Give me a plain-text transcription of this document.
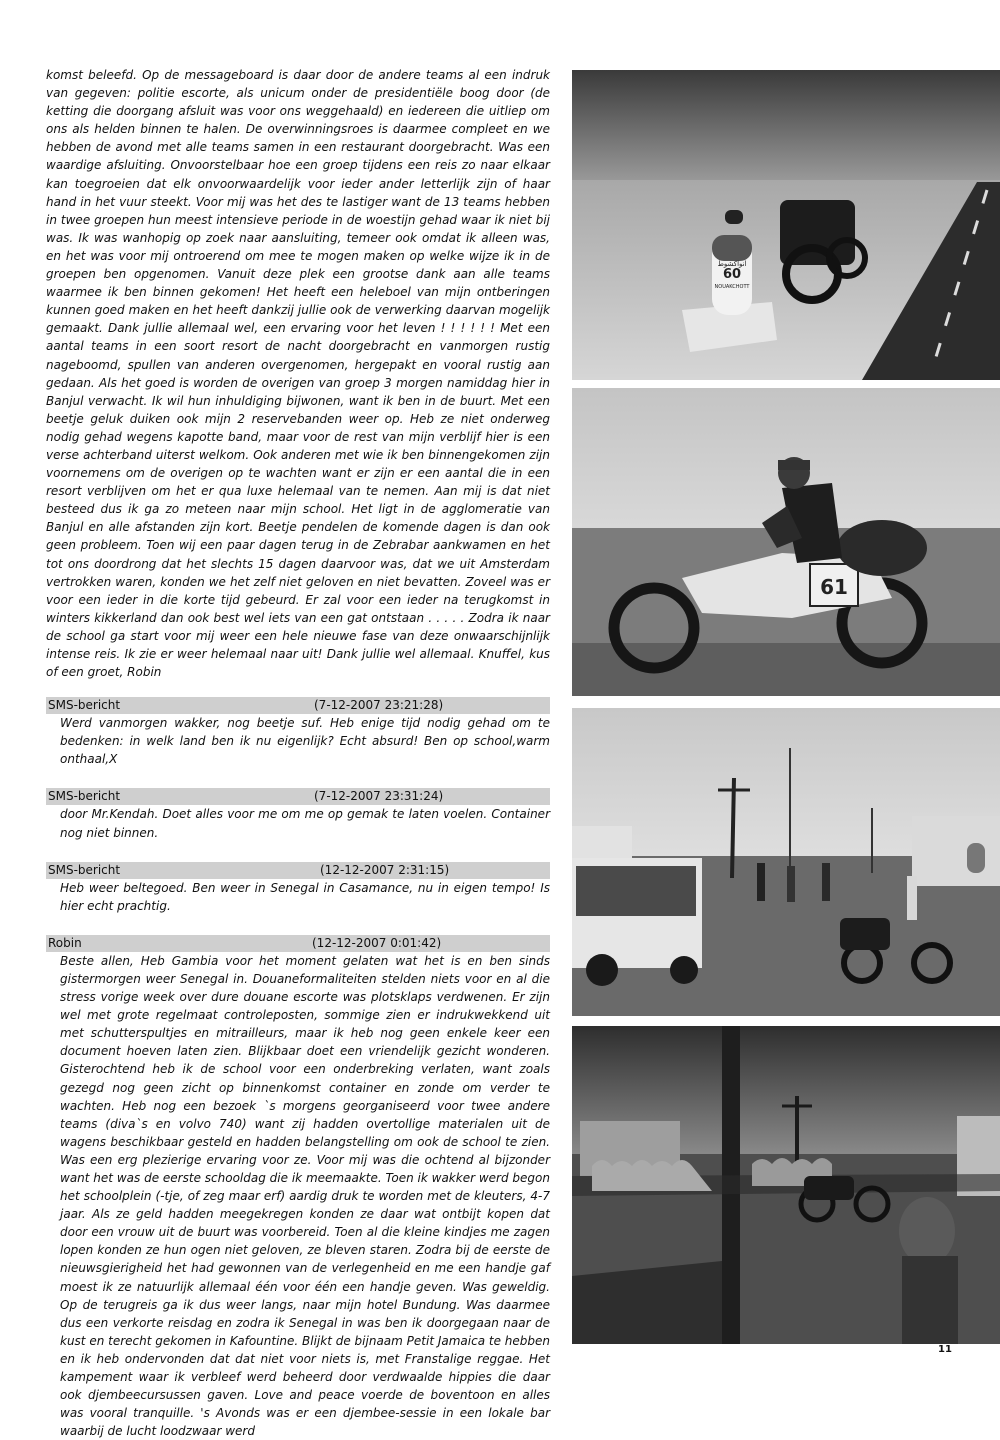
komst beleefd. Op de messageboard is daar door de andere teams al een indruk van gegeven: politie escorte, als unicum onder de presidentiële boog door (de ketting die doorgang afsluit was voor ons weggehaald) en iedereen die uitliep om ons als helden binnen te halen. De overwinningsroes is daarmee compleet en we hebben de avond met alle teams samen in een restaurant doorgebracht. Was een waardige afsluiting. Onvoorstelbaar hoe een groep tijdens een reis zo naar elkaar kan toegroeien dat elk onvoorwaardelijk voor ieder ander letterlijk zijn of haar hand in het vuur steekt. Voor mij was het des te lastiger want de 13 teams hebben in twee groepen hun meest intensieve periode in de woestijn gehad waar ik niet bij was. Ik was wanhopig op zoek naar aansluiting, temeer ook omdat ik alleen was, en het was voor mij ontroerend om mee te mogen maken op welke wijze ik in de groepen ben opgenomen. Vanuit deze plek een grootse dank aan alle teams waarmee ik ben binnen gekomen! Het heeft een heleboel van mijn ontberingen kunnen goed maken en het heeft dankzij jullie ook de verwerking daarvan mogelijk gemaakt. Dank jullie allemaal wel, een ervaring voor het leven ! ! ! ! ! ! Met een aantal teams in een soort resort de nacht doorgebracht en vanmorgen rustig nageboomd, spullen van anderen overgenomen, hergepakt en vooral rustig aan gedaan. Als het goed is worden de overigen van groep 3 morgen namiddag hier in Banjul verwacht. Ik wil hun inhuldiging bijwonen, want ik ben in de buurt. Met een beetje geluk duiken ook mijn 2 reservebanden weer op. Heb ze niet onderweg nodig gehad wegens kapotte band, maar voor de rest van mijn verblijf hier is een verse achterband uiterst welkom. Ook anderen met wie ik ben binnengekomen zijn voornemens om de overigen op te wachten want er zijn er een aantal die in een resort verblijven om het er qua luxe helemaal van te nemen. Aan mij is dat niet besteed dus ik ga zo meteen naar mijn school. Het ligt in de agglomeratie van Banjul en alle afstanden zijn kort. Beetje pendelen de komende dagen is dan ook geen probleem. Toen wij een paar dagen terug in de Zebrabar aankwamen en het tot ons doordrong dat het slechts 15 dagen daarvoor was, dat we uit Amsterdam vertrokken waren, konden we het zelf niet geloven en niet bevatten. Zoveel was er voor een ieder in die korte tijd gebeurd. Er zal voor een ieder na terugkomst in winters kikkerland dan ook best wel iets van een gat ontstaan . . . . . Zodra ik naar de school ga start voor mij weer een hele nieuwe fase van deze onwaarschijnlijk intense reis. Ik zie er weer helemaal naar uit! Dank jullie wel allemaal. Knuffel, kus of een groet, Robin

SMS-bericht	(7-12-2007 23:21:28)

Werd vanmorgen wakker, nog beetje suf. Heb enige tijd nodig gehad om te bedenken: in welk land ben ik nu eigenlijk? Echt absurd! Ben op school,warm onthaal,X

SMS-bericht	(7-12-2007 23:31:24)

door Mr.Kendah. Doet alles voor me om me op gemak te laten voelen. Container nog niet binnen.

SMS-bericht	(12-12-2007 2:31:15)

Heb weer beltegoed. Ben weer in Senegal in Casamance, nu in eigen tempo! Is hier echt prachtig.

Robin	(12-12-2007 0:01:42)

Beste allen, Heb Gambia voor het moment gelaten wat het is en ben sinds gistermorgen weer Senegal in. Douaneformaliteiten stelden niets voor en al die stress vorige week over dure douane escorte was plotsklaps verdwenen. Er zijn wel met grote regelmaat controleposten, sommige zien er indrukwekkend uit met schutterspultjes en mitrailleurs, maar ik heb nog geen enkele keer een document hoeven laten zien. Blijkbaar doet een vriendelijk gezicht wonderen. Gisterochtend heb ik de school voor een onderbreking verlaten, want zoals gezegd nog geen zicht op binnenkomst container en zonde om verder te wachten. Heb nog een bezoek `s morgens georganiseerd voor twee andere teams (diva`s en volvo 740) want zij hadden overtollige materialen uit de wagens beschikbaar gesteld en hadden belangstelling om ook de school te zien. Was een erg plezierige ervaring voor ze. Voor mij was die ochtend al bijzonder want het was de eerste schooldag die ik meemaakte. Toen ik wakker werd begon het schoolplein (-tje, of zeg maar erf) aardig druk te worden met de kleuters, 4-7 jaar. Als ze geld hadden meegekregen konden ze daar wat ontbijt kopen dat door een vrouw uit de buurt was voorbereid. Toen al die kleine kindjes me zagen lopen konden ze hun ogen niet geloven, ze bleven staren. Zodra bij de eerste de nieuwsgierigheid het had gewonnen van de verlegenheid en me een handje gaf moest ik ze natuurlijk allemaal één voor één een handje geven. Was geweldig. Op de terugreis ga ik dus weer langs, naar mijn hotel Bundung. Was daarmee dus een verkorte reisdag en zodra ik Senegal in was ben ik doorgegaan naar de kust en terecht gekomen in Kafountine. Blijkt de bijnaam Petit Jamaica te hebben en ik heb ondervonden dat dat niet voor niets is, met Franstalige reggae. Het kampement waar ik verbleef werd beheerd door verdwaalde hippies die daar ook djembeecursussen gaven. Love and peace voerde de boventoon en alles was vooral tranquille. 's Avonds was er een djembee-sessie in een lokale bar waarbij de lucht loodzwaar werd

60
انواكشوط
NOUAKCHOTT
61
11
